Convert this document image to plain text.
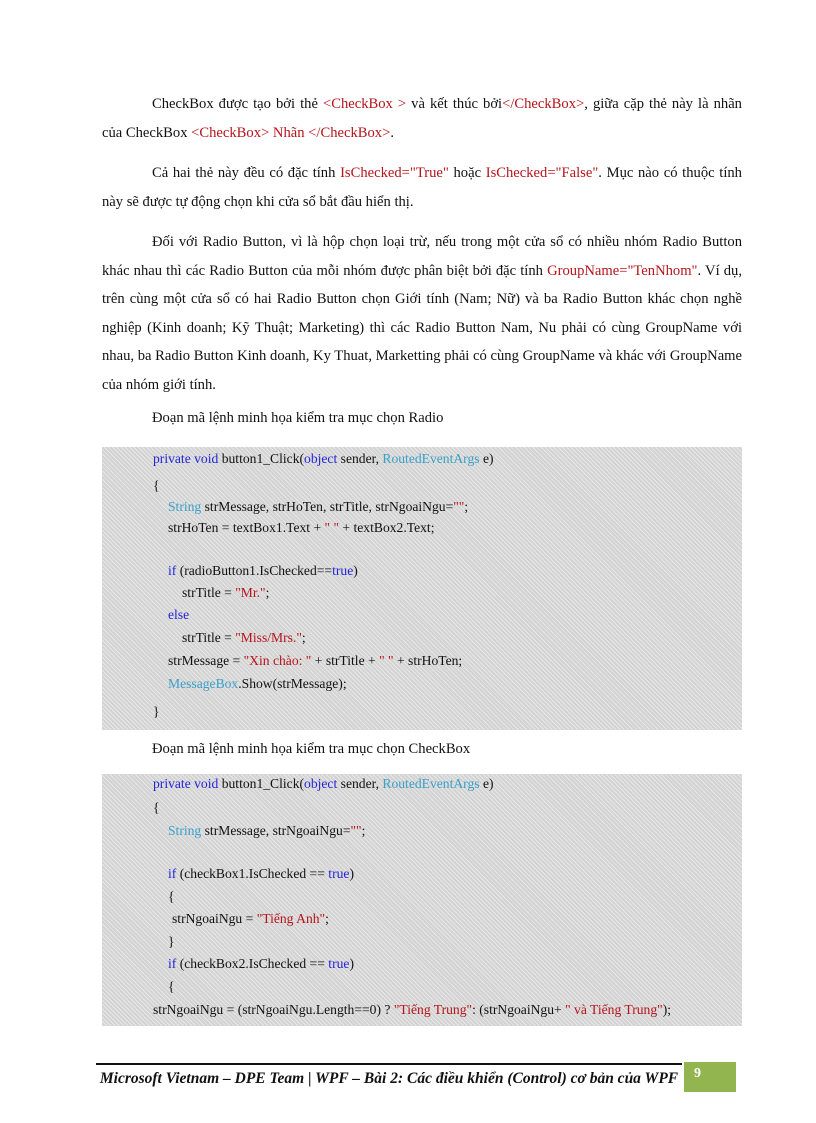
CheckBox được tạo bởi thẻ <CheckBox > và kết thúc bởi</CheckBox>, giữa cặp thẻ này là nhãn của CheckBox <CheckBox> Nhãn </CheckBox>.

Cả hai thẻ này đều có đặc tính IsChecked="True" hoặc IsChecked="False". Mục nào có thuộc tính này sẽ được tự động chọn khi cửa sổ bắt đầu hiển thị.

Đối với Radio Button, vì là hộp chọn loại trừ, nếu trong một cửa sổ có nhiều nhóm Radio Button khác nhau thì các Radio Button của mỗi nhóm được phân biệt bởi đặc tính GroupName="TenNhom". Ví dụ, trên cùng một cửa sổ có hai Radio Button chọn Giới tính (Nam; Nữ) và ba Radio Button khác chọn nghề nghiệp (Kinh doanh; Kỹ Thuật; Marketing) thì các Radio Button Nam, Nu phải có cùng GroupName với nhau, ba Radio Button Kinh doanh, Ky Thuat, Marketting phải có cùng GroupName và khác với GroupName của nhóm giới tính.

Đoạn mã lệnh minh họa kiểm tra mục chọn Radio

private void button1_Click(object sender, RoutedEventArgs e)
{
String strMessage, strHoTen, strTitle, strNgoaiNgu="";
strHoTen = textBox1.Text + " " + textBox2.Text;
if (radioButton1.IsChecked==true)
strTitle = "Mr.";
else
strTitle = "Miss/Mrs.";
strMessage = "Xin chào: " + strTitle + " " + strHoTen;
MessageBox.Show(strMessage);
}

Đoạn mã lệnh minh họa kiểm tra mục chọn CheckBox

private void button1_Click(object sender, RoutedEventArgs e)
{
String strMessage, strNgoaiNgu="";
if (checkBox1.IsChecked == true)
{
strNgoaiNgu = "Tiếng Anh";
}
if (checkBox2.IsChecked == true)
{
strNgoaiNgu = (strNgoaiNgu.Length==0) ? "Tiếng Trung": (strNgoaiNgu+ " và Tiếng Trung");
Microsoft Vietnam – DPE Team | WPF – Bài 2: Các điều khiển (Control) cơ bản của WPF 9
